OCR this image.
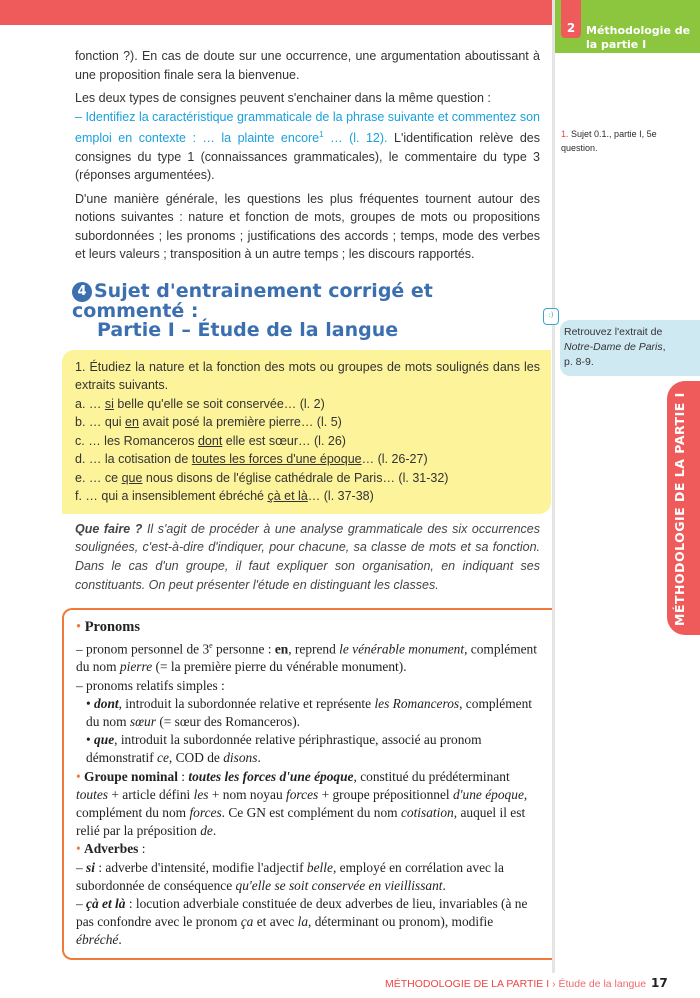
2 Méthodologie de la partie I
1. Sujet 0.1., partie I, 5e question.
Retrouvez l'extrait de
Notre-Dame de Paris,
p. 8-9.
MÉTHODOLOGIE DE LA PARTIE I
fonction ?). En cas de doute sur une occurrence, une argumentation aboutissant à une proposition finale sera la bienvenue.
Les deux types de consignes peuvent s'enchainer dans la même question :
– Identifiez la caractéristique grammaticale de la phrase suivante et commentez son emploi en contexte : … la plainte encore$^1$ … (l. 12). L'identification relève des consignes du type 1 (connaissances grammaticales), le commentaire du type 3 (réponses argumentées).
D'une manière générale, les questions les plus fréquentes tournent autour des notions suivantes : nature et fonction de mots, groupes de mots ou propositions subordonnées ; les pronoms ; justifications des accords ; temps, mode des verbes et leurs valeurs ; transposition à un autre temps ; les discours rapportés.
4 Sujet d'entrainement corrigé et commenté :
Partie I – Étude de la langue
1. Étudiez la nature et la fonction des mots ou groupes de mots soulignés dans les extraits suivants.
a. … si belle qu'elle se soit conservée… (l. 2)
b. … qui en avait posé la première pierre… (l. 5)
c. … les Romanceros dont elle est sœur… (l. 26)
d. … la cotisation de toutes les forces d'une époque… (l. 26-27)
e. … ce que nous disons de l'église cathédrale de Paris… (l. 31-32)
f. … qui a insensiblement ébréché çà et là… (l. 37-38)
Que faire ? Il s'agit de procéder à une analyse grammaticale des six occurrences soulignées, c'est-à-dire d'indiquer, pour chacune, sa classe de mots et sa fonction. Dans le cas d'un groupe, il faut expliquer son organisation, en indiquant ses constituants. On peut présenter l'étude en distinguant les classes.
• Pronoms
– pronom personnel de 3e personne : en, reprend le vénérable monument, complément du nom pierre (= la première pierre du vénérable monument).
– pronoms relatifs simples :
• dont, introduit la subordonnée relative et représente les Romanceros, complément du nom sœur (= sœur des Romanceros).
• que, introduit la subordonnée relative périphrastique, associé au pronom démonstratif ce, COD de disons.
• Groupe nominal : toutes les forces d'une époque, constitué du prédéterminant toutes + article défini les + nom noyau forces + groupe prépositionnel d'une époque, complément du nom forces. Ce GN est complément du nom cotisation, auquel il est relié par la préposition de.
• Adverbes :
– si : adverbe d'intensité, modifie l'adjectif belle, employé en corrélation avec la subordonnée de conséquence qu'elle se soit conservée en vieillissant.
– çà et là : locution adverbiale constituée de deux adverbes de lieu, invariables (à ne pas confondre avec le pronom ça et avec la, déterminant ou pronom), modifie ébréché.
MÉTHODOLOGIE DE LA PARTIE I › Étude de la langue 17
:)
